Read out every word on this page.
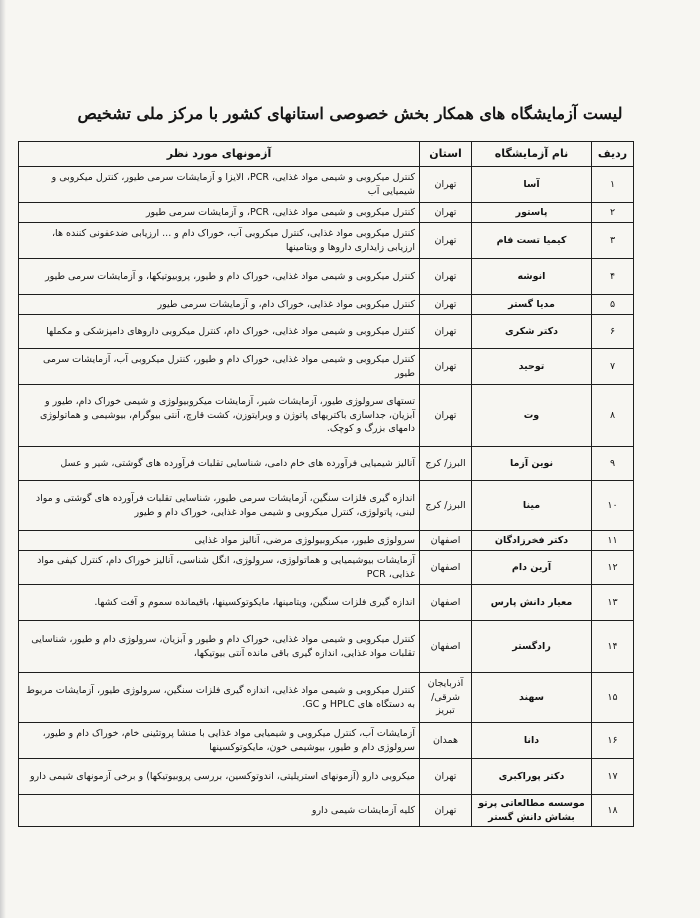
لیست آزمایشگاه های همکار بخش خصوصی استانهای کشور با مرکز ملی تشخیص
ردیف	نام آزمایشگاه	استان	آزمونهای مورد نظر
۱	آسا	تهران	کنترل میکروبی و شیمی مواد غذایی، PCR، الایزا و آزمایشات سرمی طیور، کنترل میکروبی و شیمیایی آب
۲	پاستور	تهران	کنترل میکروبی و شیمی مواد غذایی، PCR، و آزمایشات سرمی طیور
۳	کیمیا تست فام	تهران	کنترل میکروبی مواد غذایی، کنترل میکروبی آب، خوراک دام و ... ارزیابی ضدعفونی کننده ها، ارزیابی زایداری داروها و ویتامینها
۴	انوشه	تهران	کنترل میکروبی و شیمی مواد غذایی، خوراک دام و طیور، پروبیوتیکها، و آزمایشات سرمی طیور
۵	مدیا گستر	تهران	کنترل میکروبی مواد غذایی، خوراک دام، و آزمایشات سرمی طیور
۶	دکتر شکری	تهران	کنترل میکروبی و شیمی مواد غذایی، خوراک دام، کنترل میکروبی داروهای دامپزشکی و مکملها
۷	توحید	تهران	کنترل میکروبی و شیمی مواد غذایی، خوراک دام و طیور، کنترل میکروبی آب، آزمایشات سرمی طیور
۸	وت	تهران	تستهای سرولوژی طیور، آزمایشات شیر، آزمایشات میکروبیولوژی و شیمی خوراک دام، طیور و آبزیان، جداسازی باکتریهای پاتوژن و ویرایتوزن، کشت قارچ، آنتی بیوگرام، بیوشیمی و هماتولوژی دامهای بزرگ و کوچک.
۹	نوین آزما	البرز/ کرج	آنالیز شیمیایی فرآورده های خام دامی، شناسایی تقلبات فرآورده های گوشتی، شیر و عسل
۱۰	مینا	البرز/ کرج	اندازه گیری فلزات سنگین، آزمایشات سرمی طیور، شناسایی تقلبات فرآورده های گوشتی و مواد لبنی، پاتولوژی، کنترل میکروبی و شیمی مواد غذایی، خوراک دام و طیور
۱۱	دکتر فخرزادگان	اصفهان	سرولوژی طیور، میکروبیولوژی مرضی، آنالیز مواد غذایی
۱۲	آرین دام	اصفهان	آزمایشات بیوشیمیایی و هماتولوژی، سرولوژی، انگل شناسی، آنالیز خوراک دام، کنترل کیفی مواد غذایی، PCR
۱۳	معیار دانش پارس	اصفهان	اندازه گیری فلزات سنگین، ویتامینها، مایکوتوکسینها، باقیمانده سموم و آفت کشها.
۱۴	رادگستر	اصفهان	کنترل میکروبی و شیمی مواد غذایی، خوراک دام و طیور و آبزیان، سرولوژی دام و طیور، شناسایی تقلبات مواد غذایی، اندازه گیری باقی مانده آنتی بیوتیکها،
۱۵	سهند	آذربایجان شرقی/ تبریز	کنترل میکروبی و شیمی مواد غذایی، اندازه گیری فلزات سنگین، سرولوژی طیور، آزمایشات مربوط به دستگاه های HPLC و GC.
۱۶	دانا	همدان	آزمایشات آب، کنترل میکروبی و شیمیایی مواد غذایی با منشا پروتئینی خام، خوراک دام و طیور، سرولوژی دام و طیور، بیوشیمی خون، مایکوتوکسینها
۱۷	دکتر پوراکبری	تهران	میکروبی دارو (آزمونهای استریلیتی، اندوتوکسین، بررسی پروبیوتیکها) و برخی آزمونهای شیمی دارو
۱۸	موسسه مطالعاتی پرتو بشاش دانش گستر	تهران	کلیه آزمایشات شیمی دارو
